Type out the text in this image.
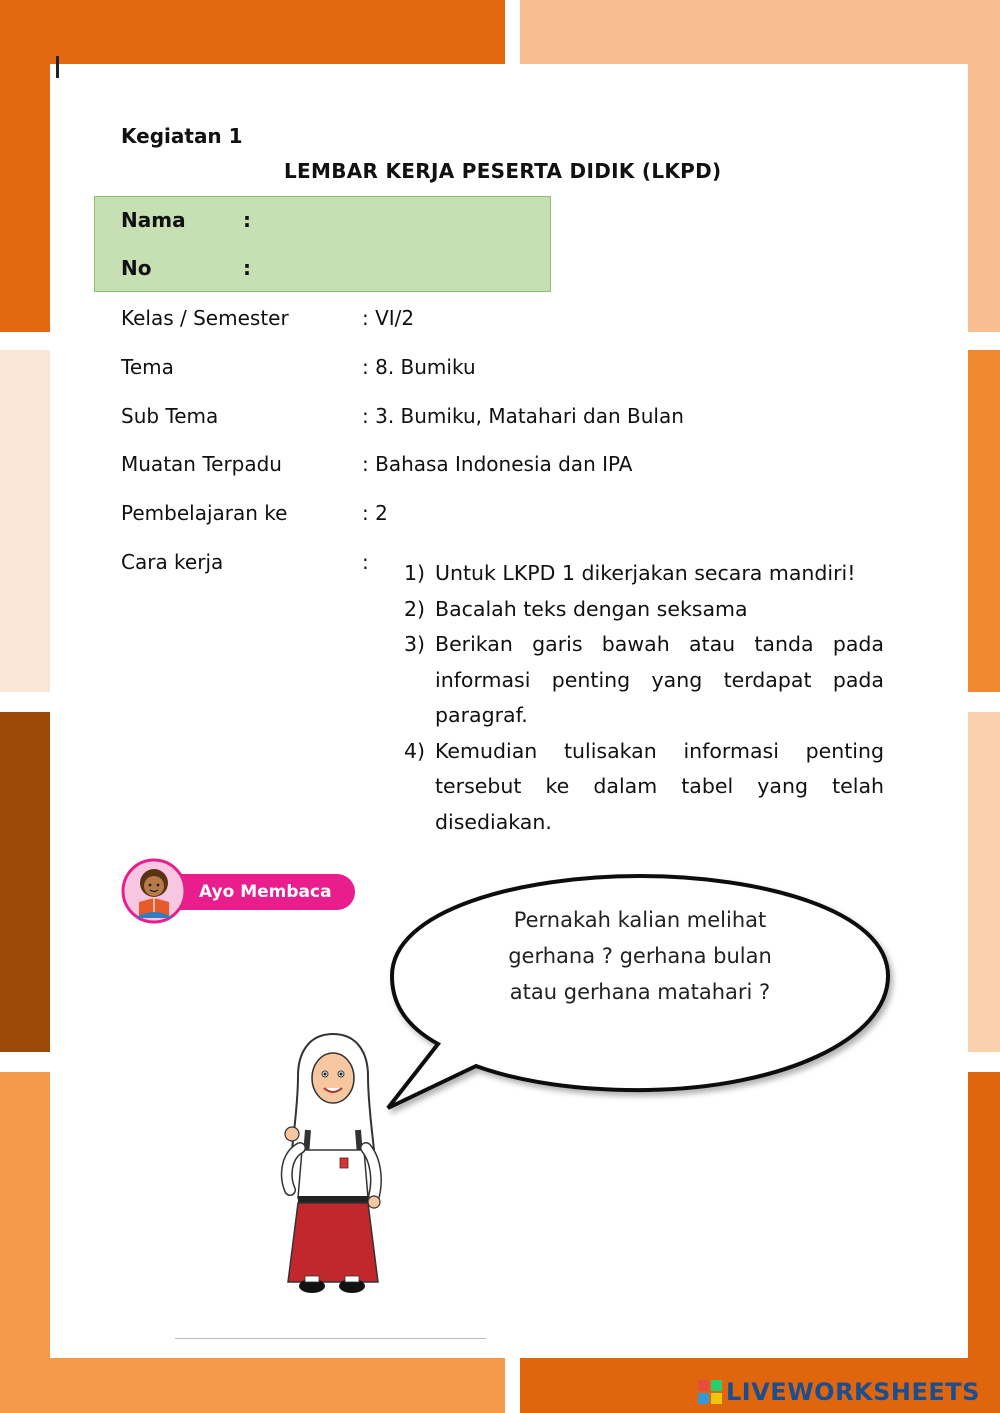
Kegiatan 1
LEMBAR KERJA PESERTA DIDIK (LKPD)
Nama	:
No	:
Kelas / Semester	: VI/2
Tema	: 8. Bumiku
Sub Tema	: 3. Bumiku, Matahari dan Bulan
Muatan Terpadu	: Bahasa Indonesia dan IPA
Pembelajaran ke	: 2
Cara kerja	: 1) Untuk LKPD 1 dikerjakan secara mandiri!
2) Bacalah teks dengan seksama
3) Berikan garis bawah atau tanda pada informasi penting yang terdapat pada paragraf.
4) Kemudian tulisakan informasi penting tersebut ke dalam tabel yang telah disediakan.
Ayo Membaca
Pernakah kalian melihat
gerhana ? gerhana bulan
atau gerhana matahari ?
LIVEWORKSHEETS
